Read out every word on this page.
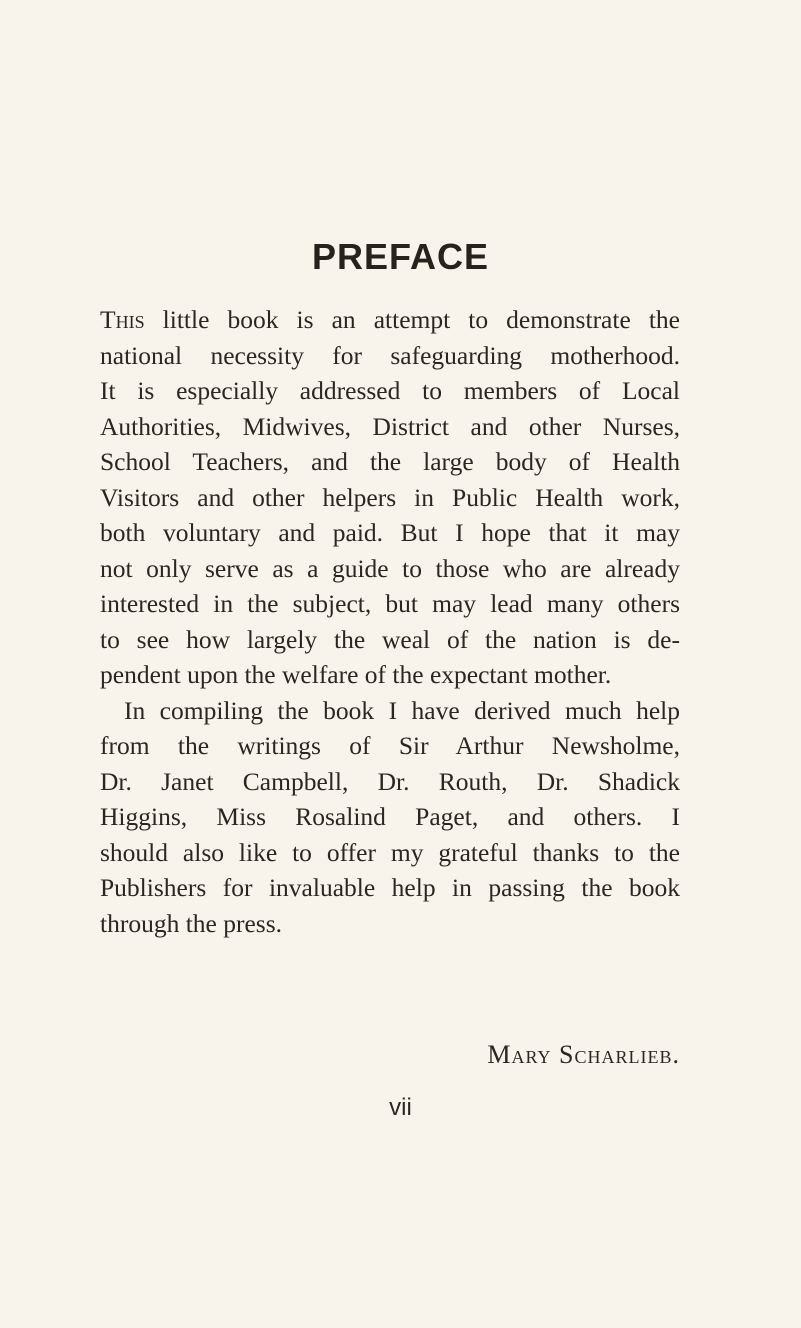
PREFACE
This little book is an attempt to demonstrate the
national necessity for safeguarding motherhood.
It is especially addressed to members of Local
Authorities, Midwives, District and other Nurses,
School Teachers, and the large body of Health
Visitors and other helpers in Public Health work,
both voluntary and paid. But I hope that it may
not only serve as a guide to those who are already
interested in the subject, but may lead many others
to see how largely the weal of the nation is de-
pendent upon the welfare of the expectant mother.
In compiling the book I have derived much help
from the writings of Sir Arthur Newsholme,
Dr. Janet Campbell, Dr. Routh, Dr. Shadick
Higgins, Miss Rosalind Paget, and others. I
should also like to offer my grateful thanks to the
Publishers for invaluable help in passing the book
through the press.
Mary Scharlieb.
vii
